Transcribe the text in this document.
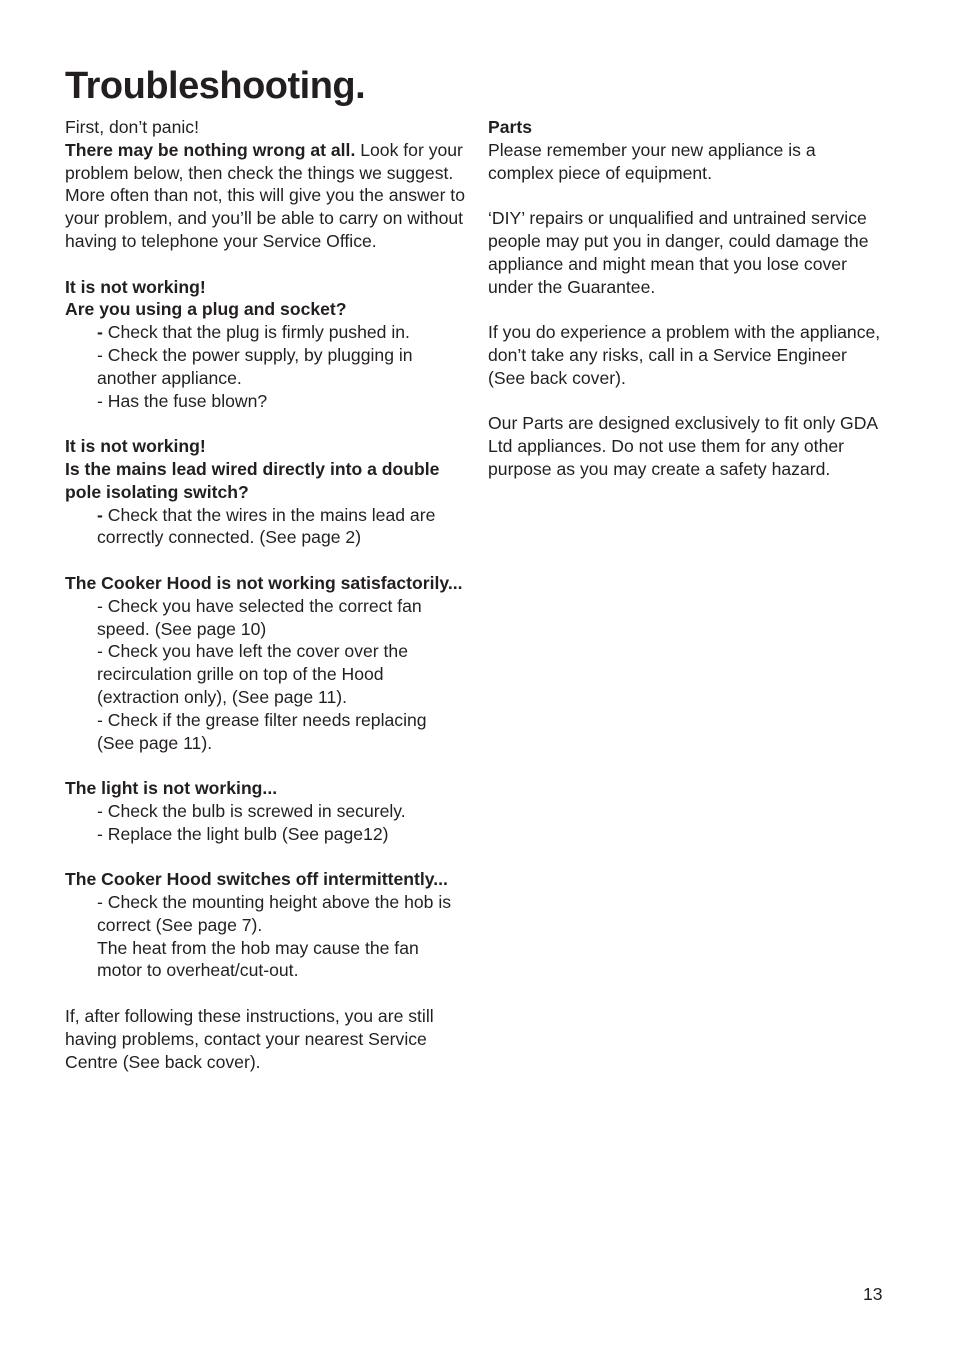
Troubleshooting.

First, don’t panic!

There may be nothing wrong at all. Look for your problem below, then check the things we suggest. More often than not, this will give you the answer to your problem, and you’ll be able to carry on without having to telephone your Service Office.

It is not working!

Are you using a plug and socket?

- Check that the plug is firmly pushed in.

- Check the power supply, by plugging in another appliance.

- Has the fuse blown?

It is not working!

Is the mains lead wired directly into a double pole isolating switch?

- Check that the wires in the mains lead are correctly connected. (See page 2)

The Cooker Hood is not working satisfactorily...

- Check you have selected the correct fan speed. (See page 10)

- Check you have left the cover over the recirculation grille on top of the Hood (extraction only), (See page 11).

- Check if the grease filter needs replacing (See page 11).

The light is not working...

- Check the bulb is screwed in securely.

- Replace the light bulb (See page12)

The Cooker Hood switches off intermittently...

- Check the mounting height above the hob is correct (See page 7).

The heat from the hob may cause the fan motor to overheat/cut-out.

If, after following these instructions, you are still having problems, contact your nearest Service Centre (See back cover).

Parts

Please remember your new appliance is a complex piece of equipment.

‘DIY’ repairs or unqualified and untrained service people may put you in danger, could damage the appliance and might mean that you lose cover under the Guarantee.

If you do experience a problem with the appliance, don’t take any risks, call in a Service Engineer (See back cover).

Our Parts are designed exclusively to fit only GDA Ltd appliances. Do not use them for any other purpose as you may create a safety hazard.

13
